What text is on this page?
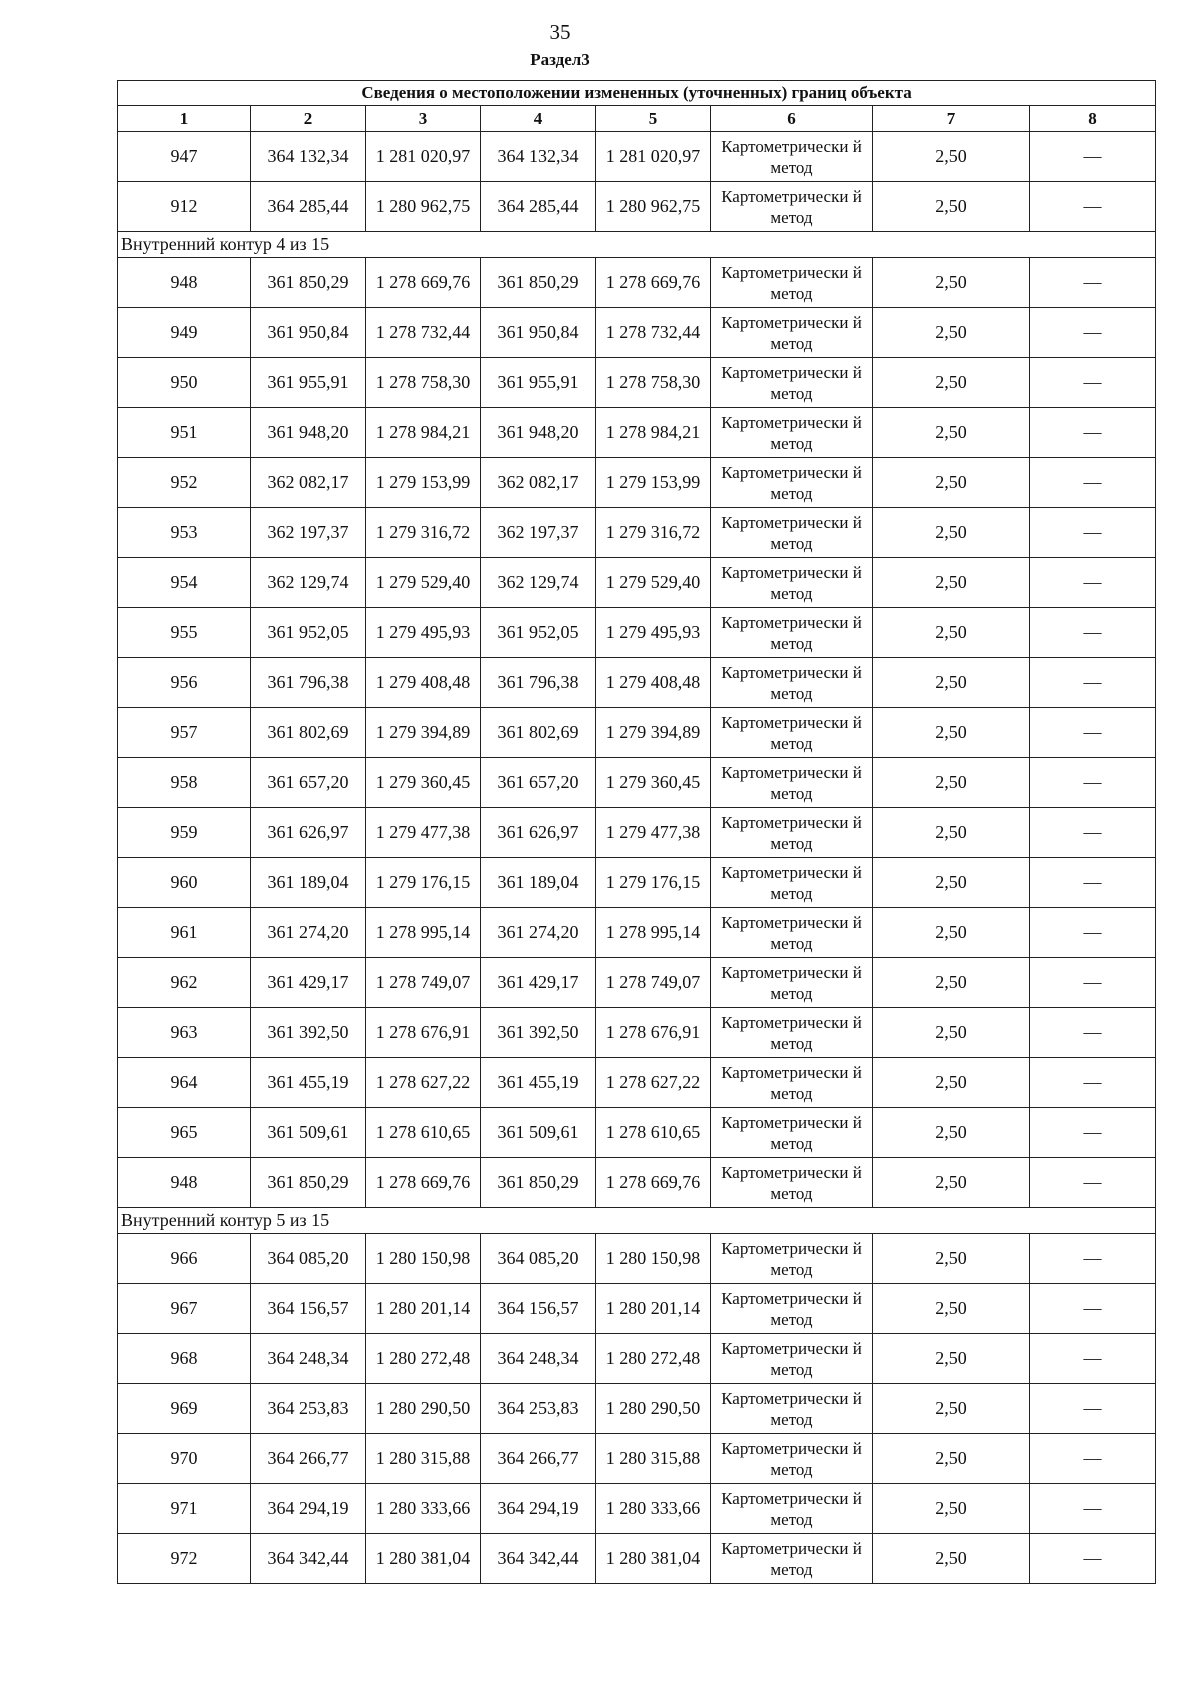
35
Раздел3
Сведения о местоположении измененных (уточненных) границ объекта							
1	2	3	4	5	6	7	8
947	364 132,34	1 281 020,97	364 132,34	1 281 020,97	Картометрически й метод	2,50	—
912	364 285,44	1 280 962,75	364 285,44	1 280 962,75	Картометрически й метод	2,50	—
Внутренний контур 4 из 15							
948	361 850,29	1 278 669,76	361 850,29	1 278 669,76	Картометрически й метод	2,50	—
949	361 950,84	1 278 732,44	361 950,84	1 278 732,44	Картометрически й метод	2,50	—
950	361 955,91	1 278 758,30	361 955,91	1 278 758,30	Картометрически й метод	2,50	—
951	361 948,20	1 278 984,21	361 948,20	1 278 984,21	Картометрически й метод	2,50	—
952	362 082,17	1 279 153,99	362 082,17	1 279 153,99	Картометрически й метод	2,50	—
953	362 197,37	1 279 316,72	362 197,37	1 279 316,72	Картометрически й метод	2,50	—
954	362 129,74	1 279 529,40	362 129,74	1 279 529,40	Картометрически й метод	2,50	—
955	361 952,05	1 279 495,93	361 952,05	1 279 495,93	Картометрически й метод	2,50	—
956	361 796,38	1 279 408,48	361 796,38	1 279 408,48	Картометрически й метод	2,50	—
957	361 802,69	1 279 394,89	361 802,69	1 279 394,89	Картометрически й метод	2,50	—
958	361 657,20	1 279 360,45	361 657,20	1 279 360,45	Картометрически й метод	2,50	—
959	361 626,97	1 279 477,38	361 626,97	1 279 477,38	Картометрически й метод	2,50	—
960	361 189,04	1 279 176,15	361 189,04	1 279 176,15	Картометрически й метод	2,50	—
961	361 274,20	1 278 995,14	361 274,20	1 278 995,14	Картометрически й метод	2,50	—
962	361 429,17	1 278 749,07	361 429,17	1 278 749,07	Картометрически й метод	2,50	—
963	361 392,50	1 278 676,91	361 392,50	1 278 676,91	Картометрически й метод	2,50	—
964	361 455,19	1 278 627,22	361 455,19	1 278 627,22	Картометрически й метод	2,50	—
965	361 509,61	1 278 610,65	361 509,61	1 278 610,65	Картометрически й метод	2,50	—
948	361 850,29	1 278 669,76	361 850,29	1 278 669,76	Картометрически й метод	2,50	—
Внутренний контур 5 из 15							
966	364 085,20	1 280 150,98	364 085,20	1 280 150,98	Картометрически й метод	2,50	—
967	364 156,57	1 280 201,14	364 156,57	1 280 201,14	Картометрически й метод	2,50	—
968	364 248,34	1 280 272,48	364 248,34	1 280 272,48	Картометрически й метод	2,50	—
969	364 253,83	1 280 290,50	364 253,83	1 280 290,50	Картометрически й метод	2,50	—
970	364 266,77	1 280 315,88	364 266,77	1 280 315,88	Картометрически й метод	2,50	—
971	364 294,19	1 280 333,66	364 294,19	1 280 333,66	Картометрически й метод	2,50	—
972	364 342,44	1 280 381,04	364 342,44	1 280 381,04	Картометрически й метод	2,50	—
